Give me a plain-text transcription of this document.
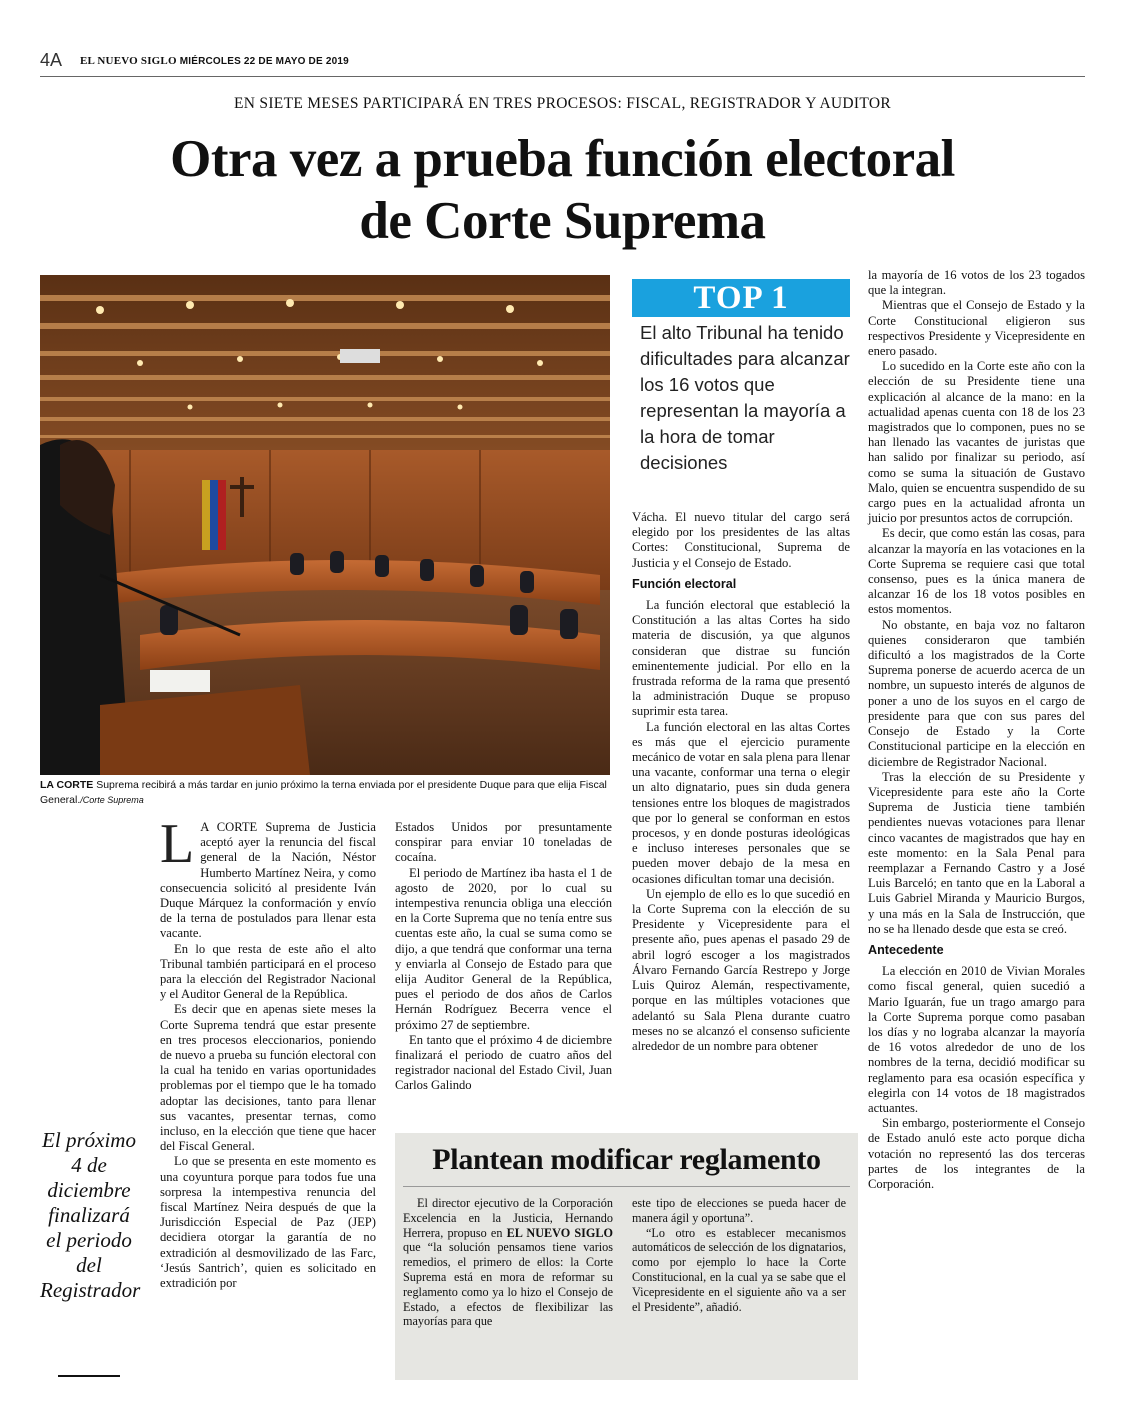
4A EL NUEVO SIGLO MIÉRCOLES 22 DE MAYO DE 2019
EN SIETE MESES PARTICIPARÁ EN TRES PROCESOS: FISCAL, REGISTRADOR Y AUDITOR
Otra vez a prueba función electoral
de Corte Suprema
LA CORTE Suprema recibirá a más tardar en junio próximo la terna enviada por el presidente Duque para que elija Fiscal General./Corte Suprema
TOP 1
El alto Tribunal ha tenido dificultades para alcanzar los 16 votos que representan la mayoría a la hora de tomar decisiones

L A CORTE Suprema de Justicia aceptó ayer la renuncia del fiscal general de la Nación, Néstor Humberto Martínez Neira, y como consecuencia solicitó al presidente Iván Duque Márquez la conformación y envío de la terna de postulados para llenar esta vacante.

En lo que resta de este año el alto Tribunal también participará en el proceso para la elección del Registrador Nacional y el Auditor General de la República.

Es decir que en apenas siete meses la Corte Suprema tendrá que estar presente en tres procesos eleccionarios, poniendo de nuevo a prueba su función electoral con la cual ha tenido en varias oportunidades problemas por el tiempo que le ha tomado adoptar las decisiones, tanto para llenar sus vacantes, presentar ternas, como incluso, en la elección que tiene que hacer del Fiscal General.

Lo que se presenta en este momento es una coyuntura porque para todos fue una sorpresa la intempestiva renuncia del fiscal Martínez Neira después de que la Jurisdicción Especial de Paz (JEP) decidiera otorgar la garantía de no extradición al desmovilizado de las Farc, ‘Jesús Santrich’, quien es solicitado en extradición por

El próximo 4 de diciembre finalizará el periodo del Registrador

Estados Unidos por presuntamente conspirar para enviar 10 toneladas de cocaína.

El periodo de Martínez iba hasta el 1 de agosto de 2020, por lo cual su intempestiva renuncia obliga una elección en la Corte Suprema que no tenía entre sus cuentas este año, la cual se suma como se dijo, a que tendrá que conformar una terna y enviarla al Consejo de Estado para que elija Auditor General de la República, pues el periodo de dos años de Carlos Hernán Rodríguez Becerra vence el próximo 27 de septiembre.

En tanto que el próximo 4 de diciembre finalizará el periodo de cuatro años del registrador nacional del Estado Civil, Juan Carlos Galindo

Vácha. El nuevo titular del cargo será elegido por los presidentes de las altas Cortes: Constitucional, Suprema de Justicia y el Consejo de Estado.

Función electoral

La función electoral que estableció la Constitución a las altas Cortes ha sido materia de discusión, ya que algunos consideran que distrae su función eminentemente judicial. Por ello en la frustrada reforma de la rama que presentó la administración Duque se propuso suprimir esta tarea.

La función electoral en las altas Cortes es más que el ejercicio puramente mecánico de votar en sala plena para llenar una vacante, conformar una terna o elegir un alto dignatario, pues sin duda genera tensiones entre los bloques de magistrados que por lo general se conforman en estos procesos, y en donde posturas ideológicas e incluso intereses personales que se pueden mover debajo de la mesa en ocasiones dificultan tomar una decisión.

Un ejemplo de ello es lo que sucedió en la Corte Suprema con la elección de su Presidente y Vicepresidente para el presente año, pues apenas el pasado 29 de abril logró escoger a los magistrados Álvaro Fernando García Restrepo y Jorge Luis Quiroz Alemán, respectivamente, porque en las múltiples votaciones que adelantó su Sala Plena durante cuatro meses no se alcanzó el consenso suficiente alrededor de un nombre para obtener

la mayoría de 16 votos de los 23 togados que la integran.

Mientras que el Consejo de Estado y la Corte Constitucional eligieron sus respectivos Presidente y Vicepresidente en enero pasado.

Lo sucedido en la Corte este año con la elección de su Presidente tiene una explicación al alcance de la mano: en la actualidad apenas cuenta con 18 de los 23 magistrados que lo componen, pues no se han llenado las vacantes de juristas que han salido por finalizar su periodo, así como se suma la situación de Gustavo Malo, quien se encuentra suspendido de su cargo pues en la actualidad afronta un juicio por presuntos actos de corrupción.

Es decir, que como están las cosas, para alcanzar la mayoría en las votaciones en la Corte Suprema se requiere casi que total consenso, pues es la única manera de alcanzar 16 de los 18 votos posibles en estos momentos.

No obstante, en baja voz no faltaron quienes consideraron que también dificultó a los magistrados de la Corte Suprema ponerse de acuerdo acerca de un nombre, un supuesto interés de algunos de poner a uno de los suyos en el cargo de presidente para que con sus pares del Consejo de Estado y la Corte Constitucional participe en la elección en diciembre de Registrador Nacional.

Tras la elección de su Presidente y Vicepresidente para este año la Corte Suprema de Justicia tiene también pendientes nuevas votaciones para llenar cinco vacantes de magistrados que hay en este momento: en la Sala Penal para reemplazar a Fernando Castro y a José Luis Barceló; en tanto que en la Laboral a Luis Gabriel Miranda y Mauricio Burgos, y una más en la Sala de Instrucción, que no se ha llenado desde que esta se creó.

Antecedente

La elección en 2010 de Vivian Morales como fiscal general, quien sucedió a Mario Iguarán, fue un trago amargo para la Corte Suprema porque como pasaban los días y no lograba alcanzar la mayoría de 16 votos alrededor de uno de los nombres de la terna, decidió modificar su reglamento para esa ocasión específica y elegirla con 14 votos de 18 magistrados actuantes.

Sin embargo, posteriormente el Consejo de Estado anuló este acto porque dicha votación no representó las dos terceras partes de los integrantes de la Corporación.

Plantean modificar reglamento

El director ejecutivo de la Corporación Excelencia en la Justicia, Hernando Herrera, propuso en EL NUEVO SIGLO que “la solución pensamos tiene varios remedios, el primero de ellos: la Corte Suprema está en mora de reformar su reglamento como ya lo hizo el Consejo de Estado, a efectos de flexibilizar las mayorías para que

este tipo de elecciones se pueda hacer de manera ágil y oportuna”.

“Lo otro es establecer mecanismos automáticos de selección de los dignatarios, como por ejemplo lo hace la Corte Constitucional, en la cual ya se sabe que el Vicepresidente en el siguiente año va a ser el Presidente”, añadió.
